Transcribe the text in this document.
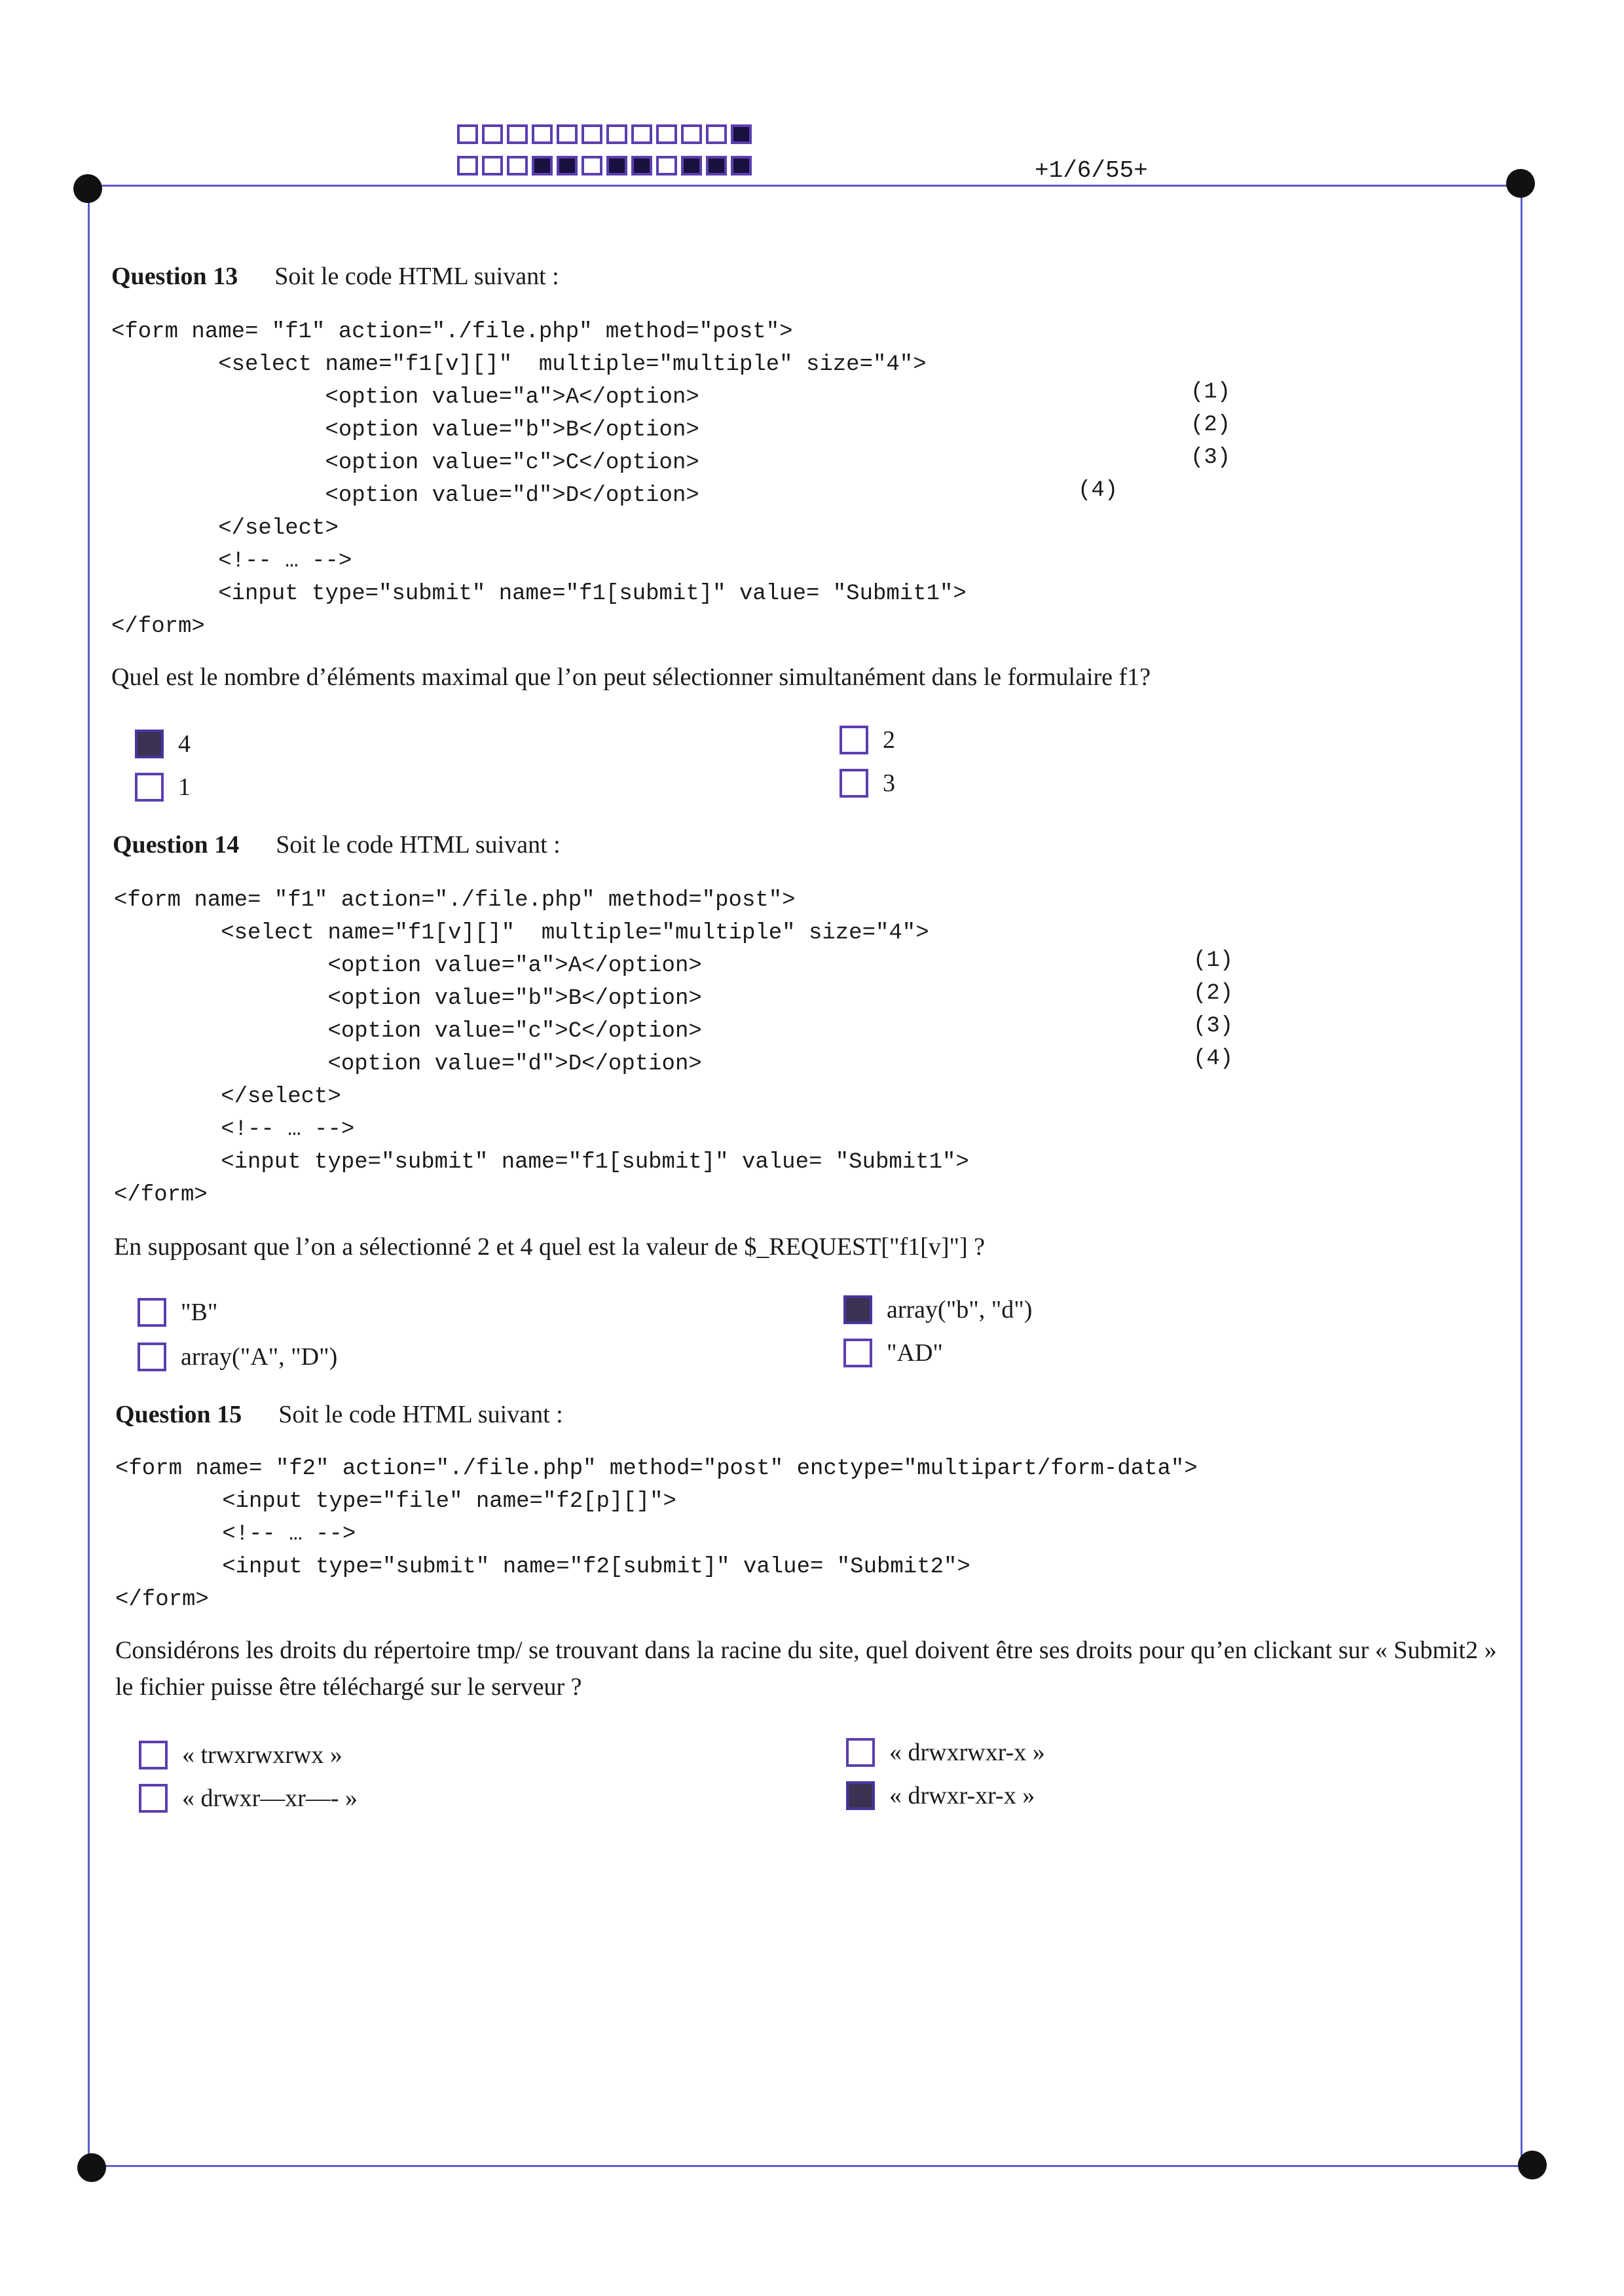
+1/6/55+
Question 13 Soit le code HTML suivant :
<form name= "f1" action="./file.php" method="post">
<select name="f1[v][]"  multiple="multiple" size="4">
<option value="a">A</option>
<option value="b">B</option>
<option value="c">C</option>
<option value="d">D</option>
</select>
<!-- … -->
<input type="submit" name="f1[submit]" value= "Submit1">
</form>
(1)
(2)
(3)
(4)
Quel est le nombre d’éléments maximal que l’on peut sélectionner simultanément dans le formulaire f1?
4	2
1	3
Question 14 Soit le code HTML suivant :
<form name= "f1" action="./file.php" method="post">
<select name="f1[v][]"  multiple="multiple" size="4">
<option value="a">A</option>
<option value="b">B</option>
<option value="c">C</option>
<option value="d">D</option>
</select>
<!-- … -->
<input type="submit" name="f1[submit]" value= "Submit1">
</form>
(1)
(2)
(3)
(4)
En supposant que l’on a sélectionné 2 et 4 quel est la valeur de $_REQUEST["f1[v]"] ?
"B"	array("b", "d")
array("A", "D")	"AD"
Question 15 Soit le code HTML suivant :
<form name= "f2" action="./file.php" method="post" enctype="multipart/form-data">
<input type="file" name="f2[p][]">
<!-- … -->
<input type="submit" name="f2[submit]" value= "Submit2">
</form>
Considérons les droits du répertoire tmp/ se trouvant dans la racine du site, quel doivent être ses droits pour qu’en clickant sur « Submit2 » le fichier puisse être téléchargé sur le serveur ?
« trwxrwxrwx »	« drwxrwxr-x »
« drwxr—xr—- »	« drwxr-xr-x »
